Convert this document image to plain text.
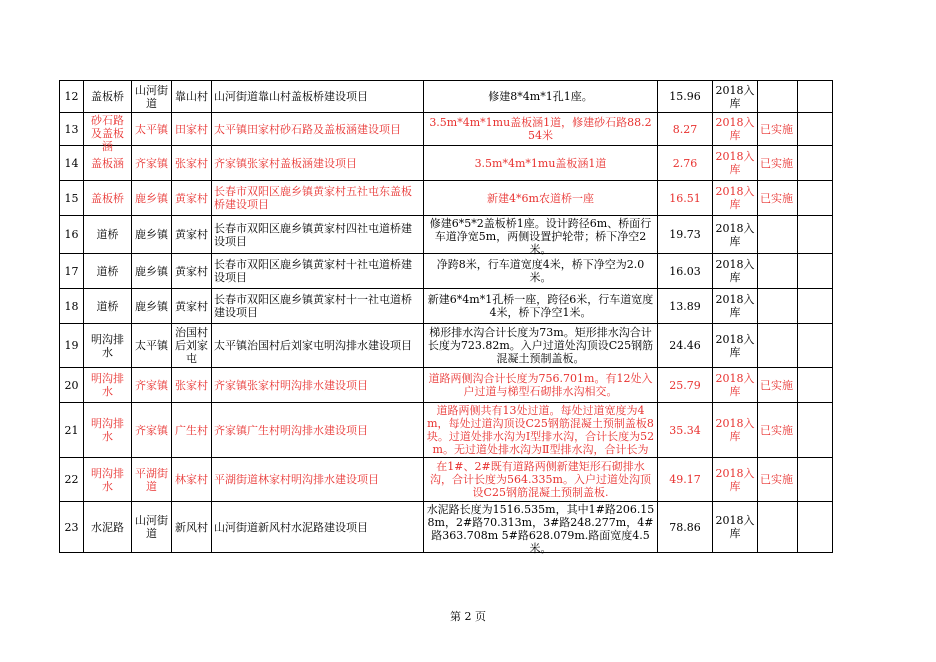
12	盖板桥	山河街道	靠山村	山河街道靠山村盖板桥建设项目	修建8*4m*1孔1座。	15.96	2018入库		

13	砂石路及盖板涵	太平镇	田家村	太平镇田家村砂石路及盖板涵建设项目	3.5m*4m*1mu盖板涵1道，修建砂石路88.254米	8.27	2018入库	已实施	

14	盖板涵	齐家镇	张家村	齐家镇张家村盖板涵建设项目	3.5m*4m*1mu盖板涵1道	2.76	2018入库	已实施	

15	盖板桥	鹿乡镇	黄家村	长春市双阳区鹿乡镇黄家村五社屯东盖板桥建设项目	新建4*6m农道桥一座	16.51	2018入库	已实施	

16	道桥	鹿乡镇	黄家村	长春市双阳区鹿乡镇黄家村四社屯道桥建设项目	修建6*5*2盖板桥1座。设计跨径6m、桥面行车道净宽5m，两侧设置护轮带；桥下净空2米。	19.73	2018入库		

17	道桥	鹿乡镇	黄家村	长春市双阳区鹿乡镇黄家村十社屯道桥建设项目	净跨8米，行车道宽度4米，桥下净空为2.0米。	16.03	2018入库		

18	道桥	鹿乡镇	黄家村	长春市双阳区鹿乡镇黄家村十一社屯道桥建设项目	新建6*4m*1孔桥一座，跨径6米，行车道宽度4米，桥下净空1米。	13.89	2018入库		

19	明沟排水	太平镇	治国村后刘家屯	太平镇治国村后刘家屯明沟排水建设项目	梯形排水沟合计长度为73m。矩形排水沟合计长度为723.82m。入户过道处沟顶设C25钢筋混凝土预制盖板。	24.46	2018入库		

20	明沟排水	齐家镇	张家村	齐家镇张家村明沟排水建设项目	道路两侧沟合计长度为756.701m。有12处入户过道与梯型石砌排水沟相交。	25.79	2018入库	已实施	

21	明沟排水	齐家镇	广生村	齐家镇广生村明沟排水建设项目	道路两侧共有13处过道。每处过道宽度为4m，每处过道沟顶设C25钢筋混凝土预制盖板8块。过道处排水沟为Ⅰ型排水沟，合计长度为52m。无过道处排水沟为Ⅱ型排水沟，合计长为	35.34	2018入库	已实施	

22	明沟排水	平湖街道	林家村	平湖街道林家村明沟排水建设项目	在1#、2#既有道路两侧新建矩形石砌排水沟，合计长度为564.335m。入户过道处沟顶设C25钢筋混凝土预制盖板.	49.17	2018入库	已实施	

23	水泥路	山河街道	新风村	山河街道新风村水泥路建设项目	水泥路长度为1516.535m，其中1#路206.158m，2#路70.313m，3#路248.277m，4#路363.708m 5#路628.079m.路面宽度4.5米。	78.86	2018入库		

第 2 页
